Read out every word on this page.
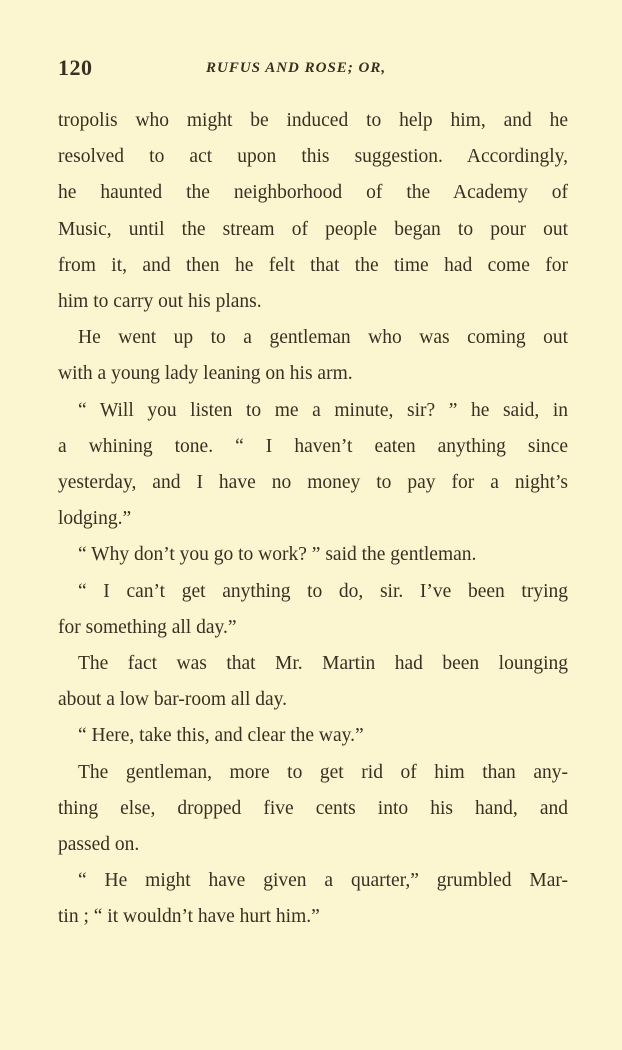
120	RUFUS AND ROSE; OR,

tropolis who might be induced to help him, and he

resolved to act upon this suggestion. Accordingly,

he haunted the neighborhood of the Academy of

Music, until the stream of people began to pour out

from it, and then he felt that the time had come for

him to carry out his plans.

He went up to a gentleman who was coming out

with a young lady leaning on his arm.

“ Will you listen to me a minute, sir? ” he said, in

a whining tone. “ I haven’t eaten anything since

yesterday, and I have no money to pay for a night’s

lodging.”

“ Why don’t you go to work? ” said the gentleman.

“ I can’t get anything to do, sir. I’ve been trying

for something all day.”

The fact was that Mr. Martin had been lounging

about a low bar-room all day.

“ Here, take this, and clear the way.”

The gentleman, more to get rid of him than any-

thing else, dropped five cents into his hand, and

passed on.

“ He might have given a quarter,” grumbled Mar-

tin ; “ it wouldn’t have hurt him.”
